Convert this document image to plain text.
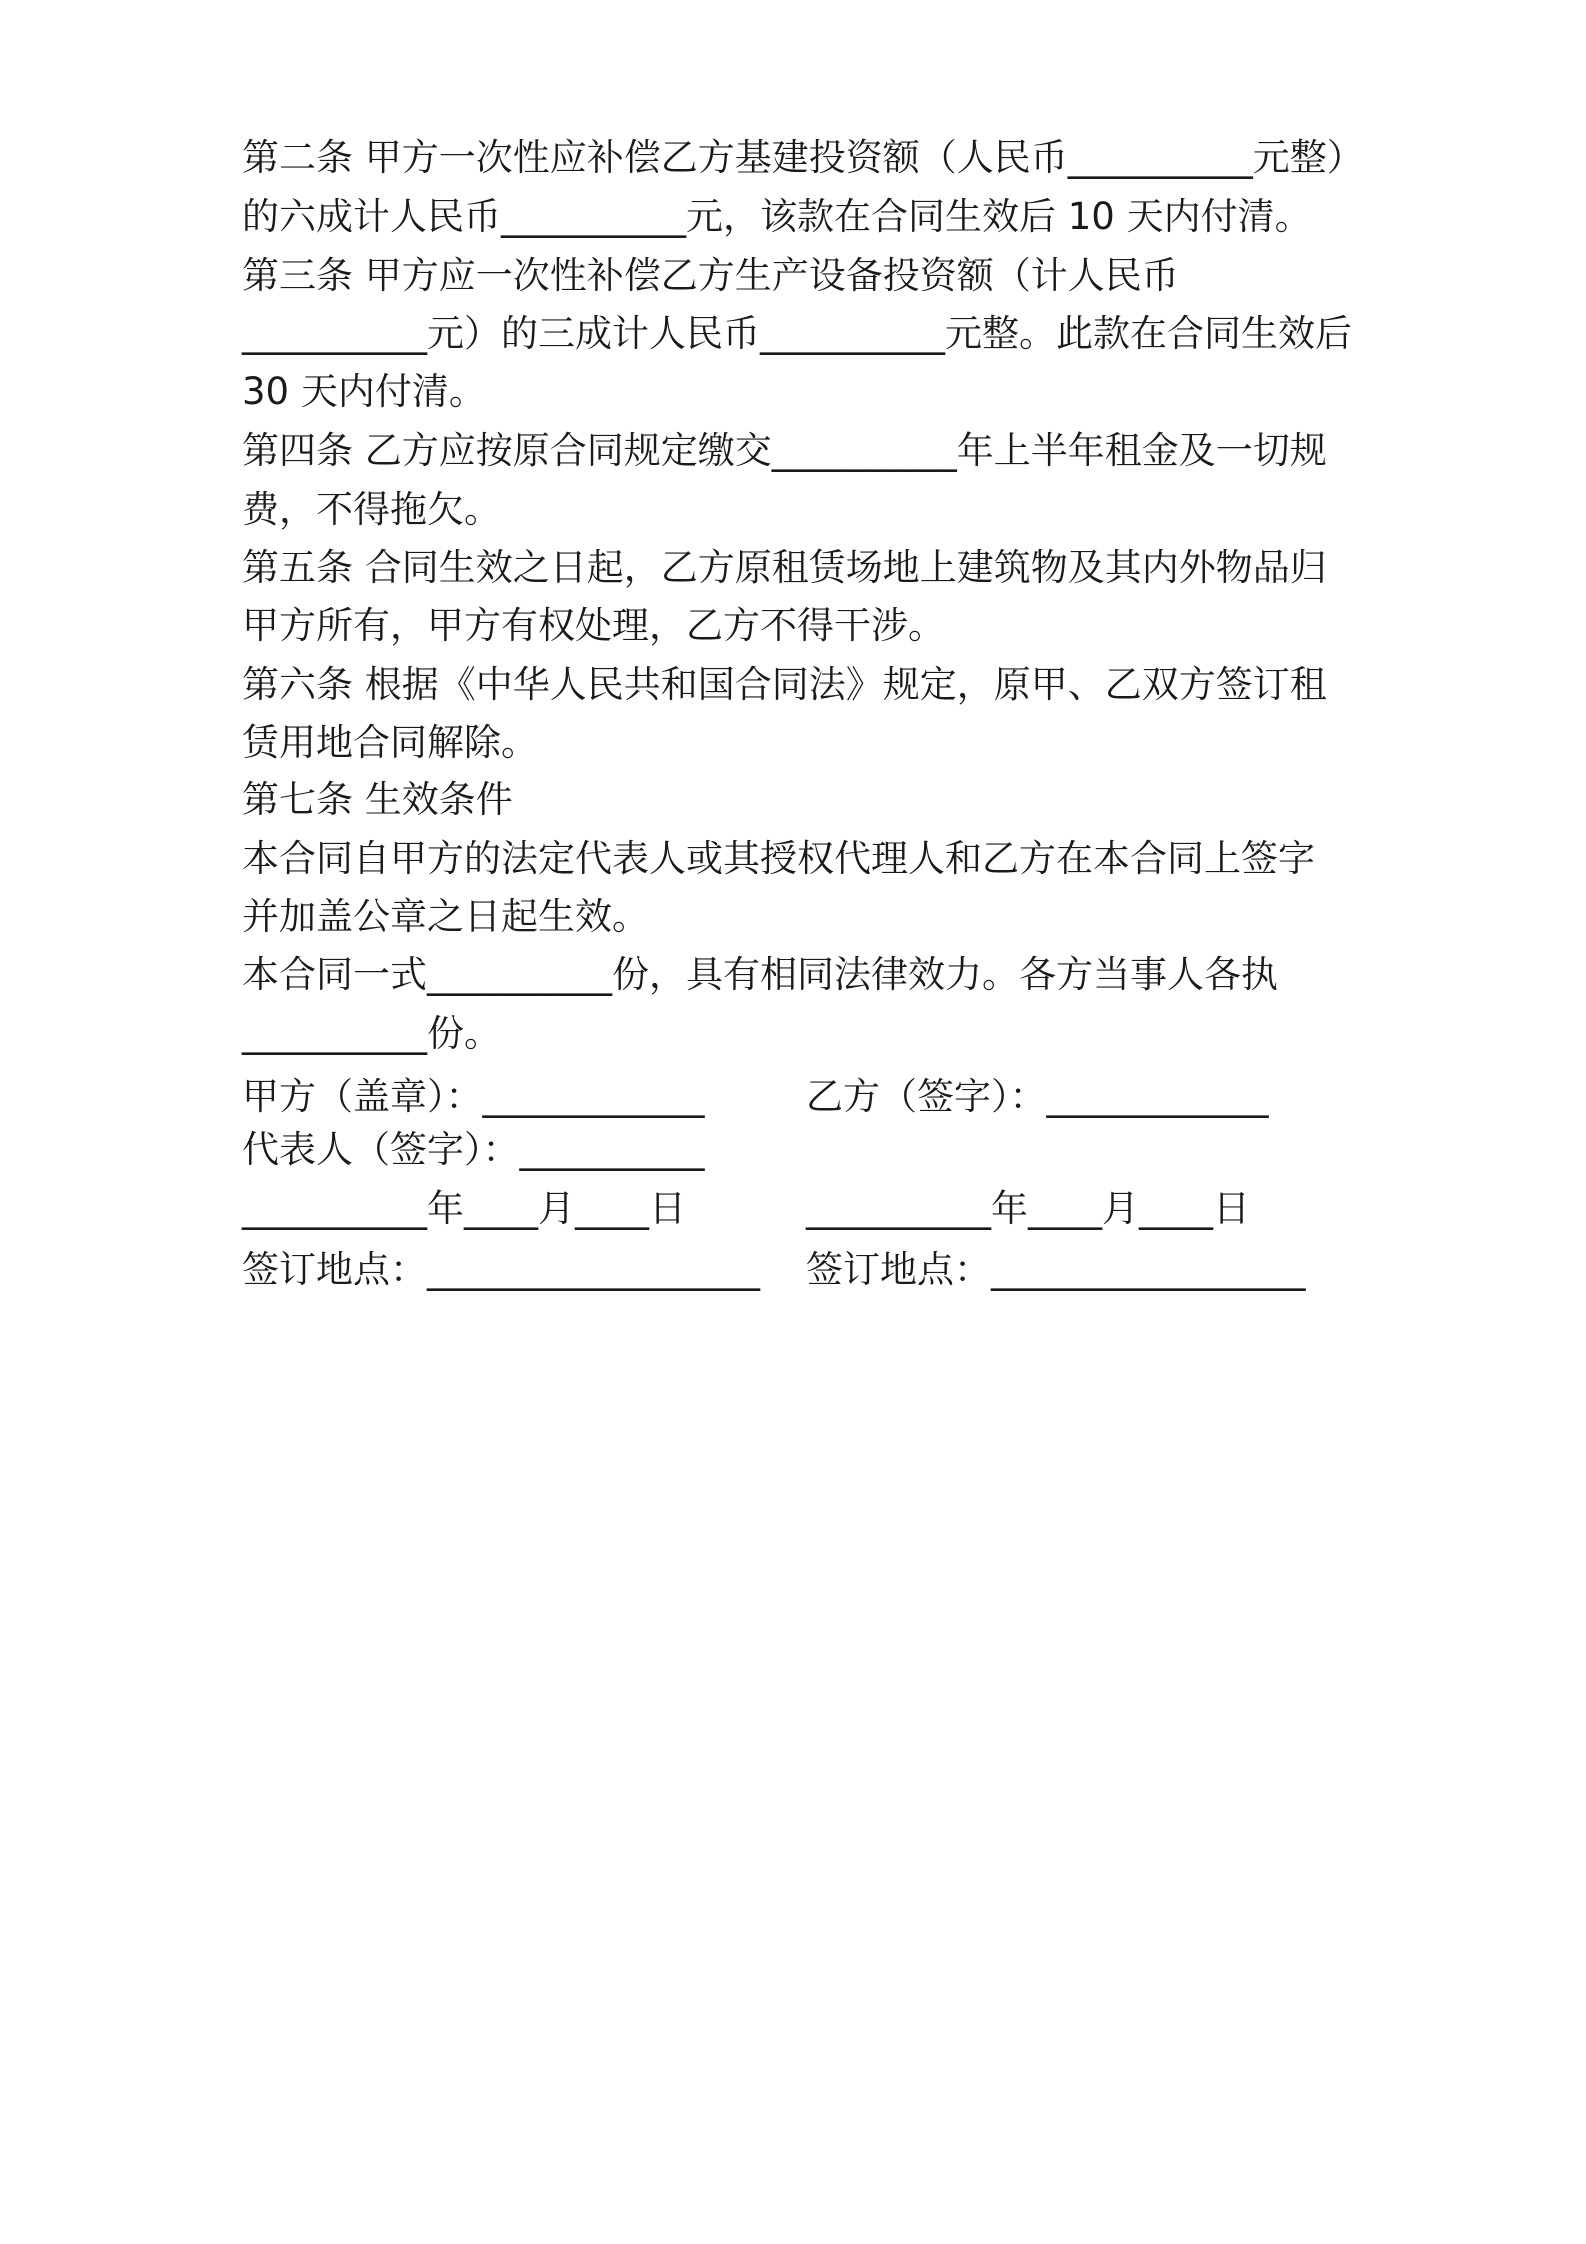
第二条 甲方一次性应补偿乙方基建投资额（人民币__________元整）

的六成计人民币__________元，该款在合同生效后 10 天内付清。

第三条 甲方应一次性补偿乙方生产设备投资额（计人民币

__________元）的三成计人民币__________元整。此款在合同生效后

30 天内付清。

第四条 乙方应按原合同规定缴交__________年上半年租金及一切规

费，不得拖欠。

第五条 合同生效之日起，乙方原租赁场地上建筑物及其内外物品归

甲方所有，甲方有权处理，乙方不得干涉。

第六条 根据《中华人民共和国合同法》规定，原甲、乙双方签订租

赁用地合同解除。

第七条 生效条件

本合同自甲方的法定代表人或其授权代理人和乙方在本合同上签字

并加盖公章之日起生效。

本合同一式__________份，具有相同法律效力。各方当事人各执

__________份。

甲方（盖章）：____________	乙方（签字）：____________

代表人（签字）：__________

__________年____月____日	__________年____月____日

签订地点：__________________ 签订地点：_________________
